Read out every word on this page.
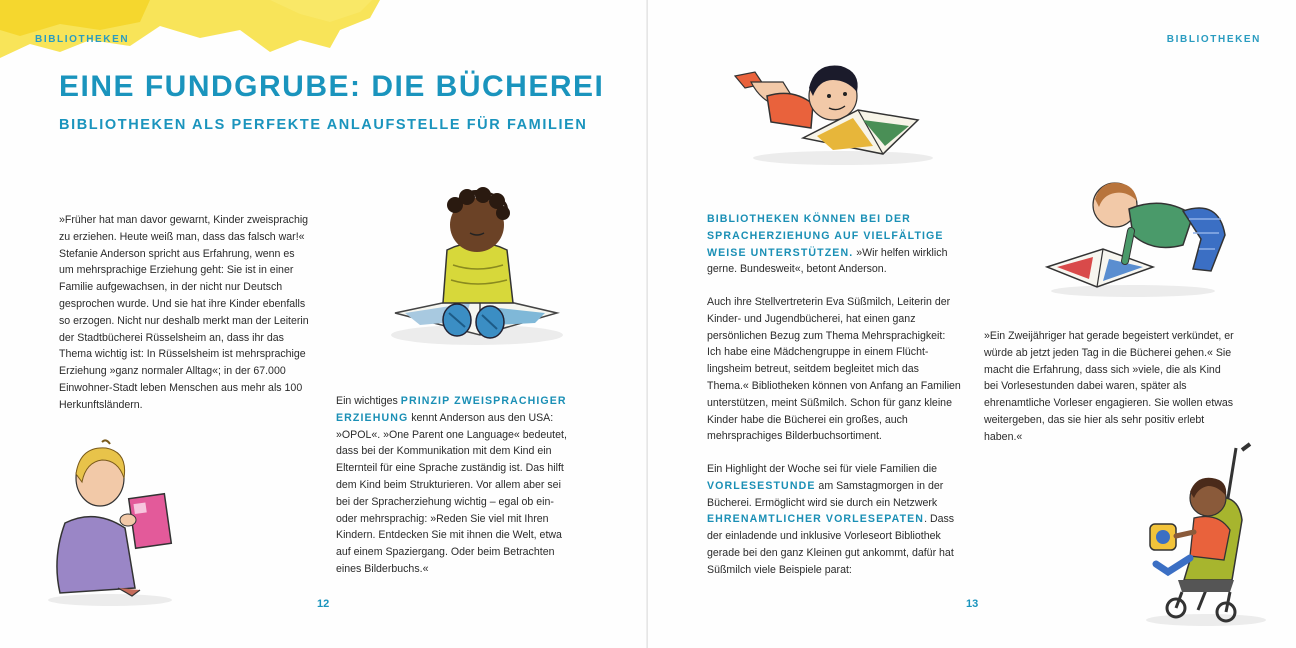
BIBLIOTHEKEN
EINE FUNDGRUBE: DIE BÜCHEREI
BIBLIOTHEKEN ALS PERFEKTE ANLAUFSTELLE FÜR FAMILIEN
»Früher hat man davor gewarnt, Kinder zweisprachig zu erziehen. Heute weiß man, dass das falsch war!« Stefanie Anderson spricht aus Erfahrung, wenn es um mehrsprachige Erziehung geht: Sie ist in einer Familie aufgewachsen, in der nicht nur Deutsch gesprochen wurde. Und sie hat ihre Kinder ebenfalls so erzogen. Nicht nur deshalb merkt man der Leiterin der Stadtbücherei Rüsselsheim an, dass ihr das Thema wichtig ist: In Rüsselsheim ist mehrsprachige Erziehung »ganz normaler Alltag«; in der 67.000 Einwohner-Stadt leben Menschen aus mehr als 100 Herkunftsländern.	Ein wichtiges PRINZIP ZWEISPRACHIGER ERZIEHUNG kennt Anderson aus den USA: »OPOL«. »One Parent one Language« bedeutet, dass bei der Kommunikation mit dem Kind ein Elternteil für eine Sprache zuständig ist. Das hilft dem Kind beim Strukturieren. Vor allem aber sei bei der Spracherziehung wichtig – egal ob ein- oder mehrsprachig: »Reden Sie viel mit Ihren Kindern. Entdecken Sie mit ihnen die Welt, etwa auf einem Spaziergang. Oder beim Betrachten eines Bilderbuchs.«
12
BIBLIOTHEKEN
BIBLIOTHEKEN KÖNNEN BEI DER SPRACHERZIEHUNG AUF VIELFÄLTIGE WEISE UNTERSTÜTZEN. »Wir helfen wirklich gerne. Bundesweit«, betont Anderson.
Auch ihre Stellvertreterin Eva Süßmilch, Leiterin der Kinder- und Jugendbücherei, hat einen ganz persönlichen Bezug zum Thema Mehrsprachigkeit: Ich habe eine Mädchengruppe in einem Flüchtlingsheim betreut, seitdem begleitet mich das Thema.« Bibliotheken können von Anfang an Familien unterstützen, meint Süßmilch. Schon für ganz kleine Kinder habe die Bücherei ein großes, auch mehrsprachiges Bilderbuchsortiment.
Ein Highlight der Woche sei für viele Familien die VORLESESTUNDE am Samstagmorgen in der Bücherei. Ermöglicht wird sie durch ein Netzwerk EHRENAMTLICHER VORLESEPATEN. Dass der einladende und inklusive Vorleseort Bibliothek gerade bei den ganz Kleinen gut ankommt, dafür hat Süßmilch viele Beispiele parat:
»Ein Zweijähriger hat gerade begeistert verkündet, er würde ab jetzt jeden Tag in die Bücherei gehen.« Sie macht die Erfahrung, dass sich »viele, die als Kind bei Vorlesestunden dabei waren, später als ehrenamtliche Vorleser engagieren. Sie wollen etwas weitergeben, das sie hier als sehr positiv erlebt haben.«
13
